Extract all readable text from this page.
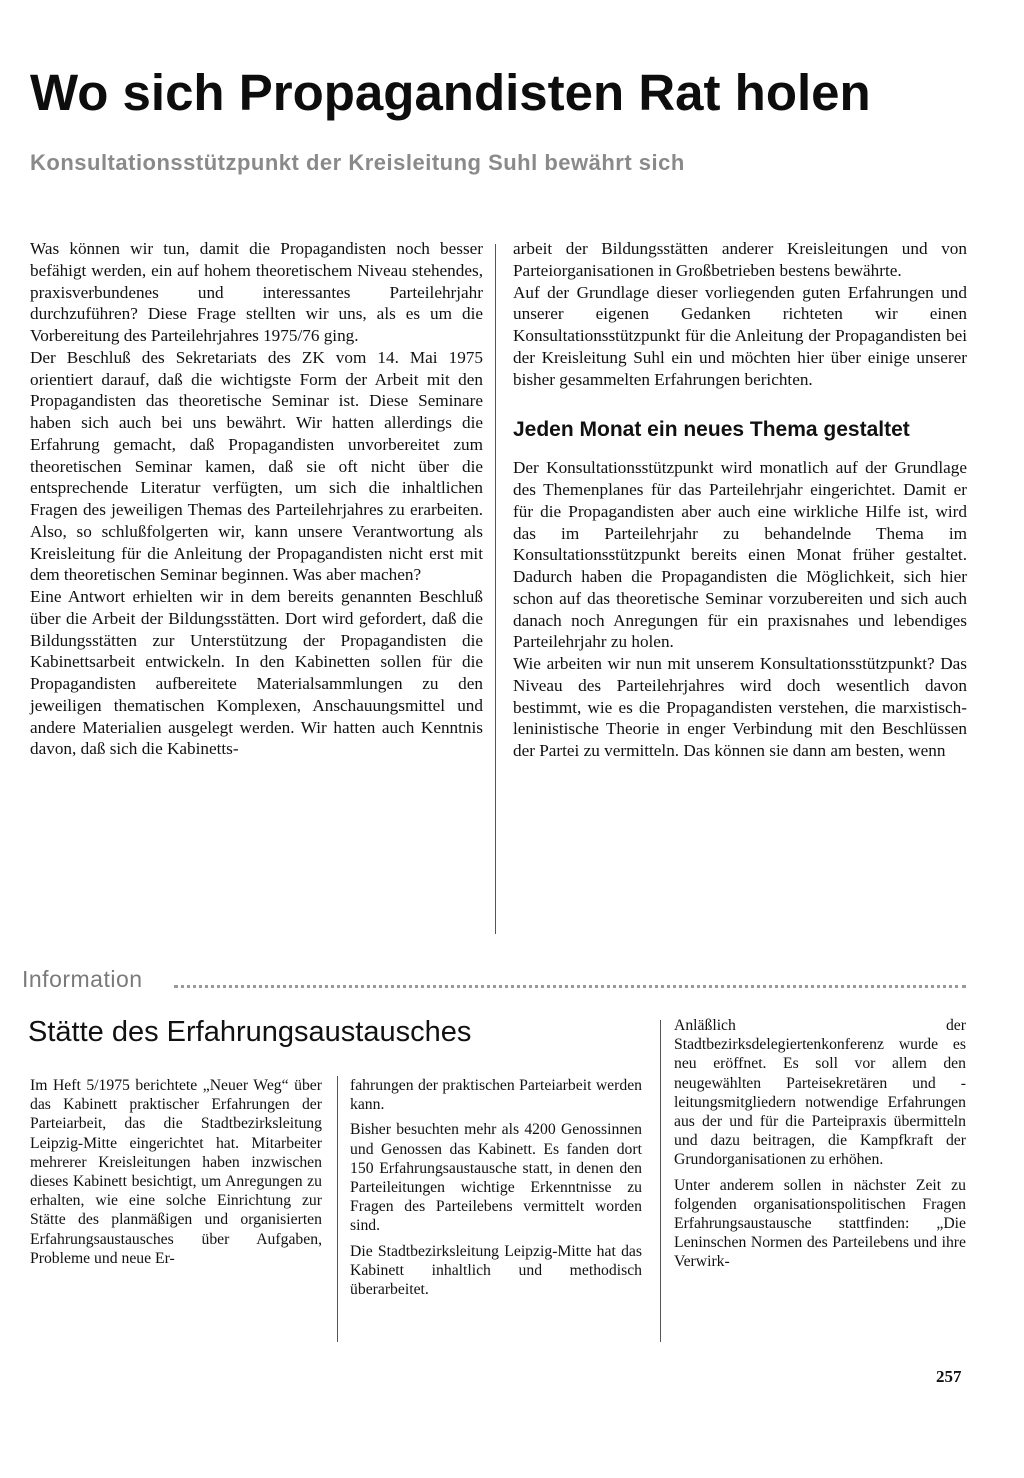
Wo sich Propagandisten Rat holen
Konsultationsstützpunkt der Kreisleitung Suhl bewährt sich

Was können wir tun, damit die Propagandisten noch besser befähigt werden, ein auf hohem theoretischem Niveau stehendes, praxisverbundenes und interessantes Parteilehrjahr durchzuführen? Diese Frage stellten wir uns, als es um die Vorbereitung des Parteilehrjahres 1975/76 ging.

Der Beschluß des Sekretariats des ZK vom 14. Mai 1975 orientiert darauf, daß die wichtigste Form der Arbeit mit den Propagandisten das theoretische Seminar ist. Diese Seminare haben sich auch bei uns bewährt. Wir hatten allerdings die Erfahrung gemacht, daß Propagandisten unvorbereitet zum theoretischen Seminar kamen, daß sie oft nicht über die entsprechende Literatur verfügten, um sich die inhaltlichen Fragen des jeweiligen Themas des Parteilehrjahres zu erarbeiten. Also, so schlußfolgerten wir, kann unsere Verantwortung als Kreisleitung für die Anleitung der Propagandisten nicht erst mit dem theoretischen Seminar beginnen. Was aber machen?

Eine Antwort erhielten wir in dem bereits genannten Beschluß über die Arbeit der Bildungsstätten. Dort wird gefordert, daß die Bildungsstätten zur Unterstützung der Propagandisten die Kabinettsarbeit entwickeln. In den Kabinetten sollen für die Propagandisten aufbereitete Materialsammlungen zu den jeweiligen thematischen Komplexen, Anschauungsmittel und andere Materialien ausgelegt werden. Wir hatten auch Kenntnis davon, daß sich die Kabinetts-

arbeit der Bildungsstätten anderer Kreisleitungen und von Parteiorganisationen in Großbetrieben bestens bewährte.

Auf der Grundlage dieser vorliegenden guten Erfahrungen und unserer eigenen Gedanken richteten wir einen Konsultationsstützpunkt für die Anleitung der Propagandisten bei der Kreisleitung Suhl ein und möchten hier über einige unserer bisher gesammelten Erfahrungen berichten.

Jeden Monat ein neues Thema gestaltet

Der Konsultationsstützpunkt wird monatlich auf der Grundlage des Themenplanes für das Parteilehrjahr eingerichtet. Damit er für die Propagandisten aber auch eine wirkliche Hilfe ist, wird das im Parteilehrjahr zu behandelnde Thema im Konsultationsstützpunkt bereits einen Monat früher gestaltet. Dadurch haben die Propagandisten die Möglichkeit, sich hier schon auf das theoretische Seminar vorzubereiten und sich auch danach noch Anregungen für ein praxisnahes und lebendiges Parteilehrjahr zu holen.

Wie arbeiten wir nun mit unserem Konsultationsstützpunkt? Das Niveau des Parteilehrjahres wird doch wesentlich davon bestimmt, wie es die Propagandisten verstehen, die marxistisch-leninistische Theorie in enger Verbindung mit den Beschlüssen der Partei zu vermitteln. Das können sie dann am besten, wenn

Information
Stätte des Erfahrungsaustausches

Im Heft 5/1975 berichtete „Neuer Weg“ über das Kabinett praktischer Erfahrungen der Parteiarbeit, das die Stadtbezirksleitung Leipzig-Mitte eingerichtet hat. Mitarbeiter mehrerer Kreisleitungen haben inzwischen dieses Kabinett besichtigt, um Anregungen zu erhalten, wie eine solche Einrichtung zur Stätte des planmäßigen und organisierten Erfahrungsaustausches über Aufgaben, Probleme und neue Er-

fahrungen der praktischen Parteiarbeit werden kann.

Bisher besuchten mehr als 4200 Genossinnen und Genossen das Kabinett. Es fanden dort 150 Erfahrungsaustausche statt, in denen den Parteileitungen wichtige Erkenntnisse zu Fragen des Parteilebens vermittelt worden sind.

Die Stadtbezirksleitung Leipzig-Mitte hat das Kabinett inhaltlich und methodisch überarbeitet.

Anläßlich der Stadtbezirksdelegiertenkonferenz wurde es neu eröffnet. Es soll vor allem den neugewählten Parteisekretären und -leitungsmitgliedern notwendige Erfahrungen aus der und für die Parteipraxis übermitteln und dazu beitragen, die Kampfkraft der Grundorganisationen zu erhöhen.

Unter anderem sollen in nächster Zeit zu folgenden organisationspolitischen Fragen Erfahrungsaustausche stattfinden: „Die Leninschen Normen des Parteilebens und ihre Verwirk-

257
